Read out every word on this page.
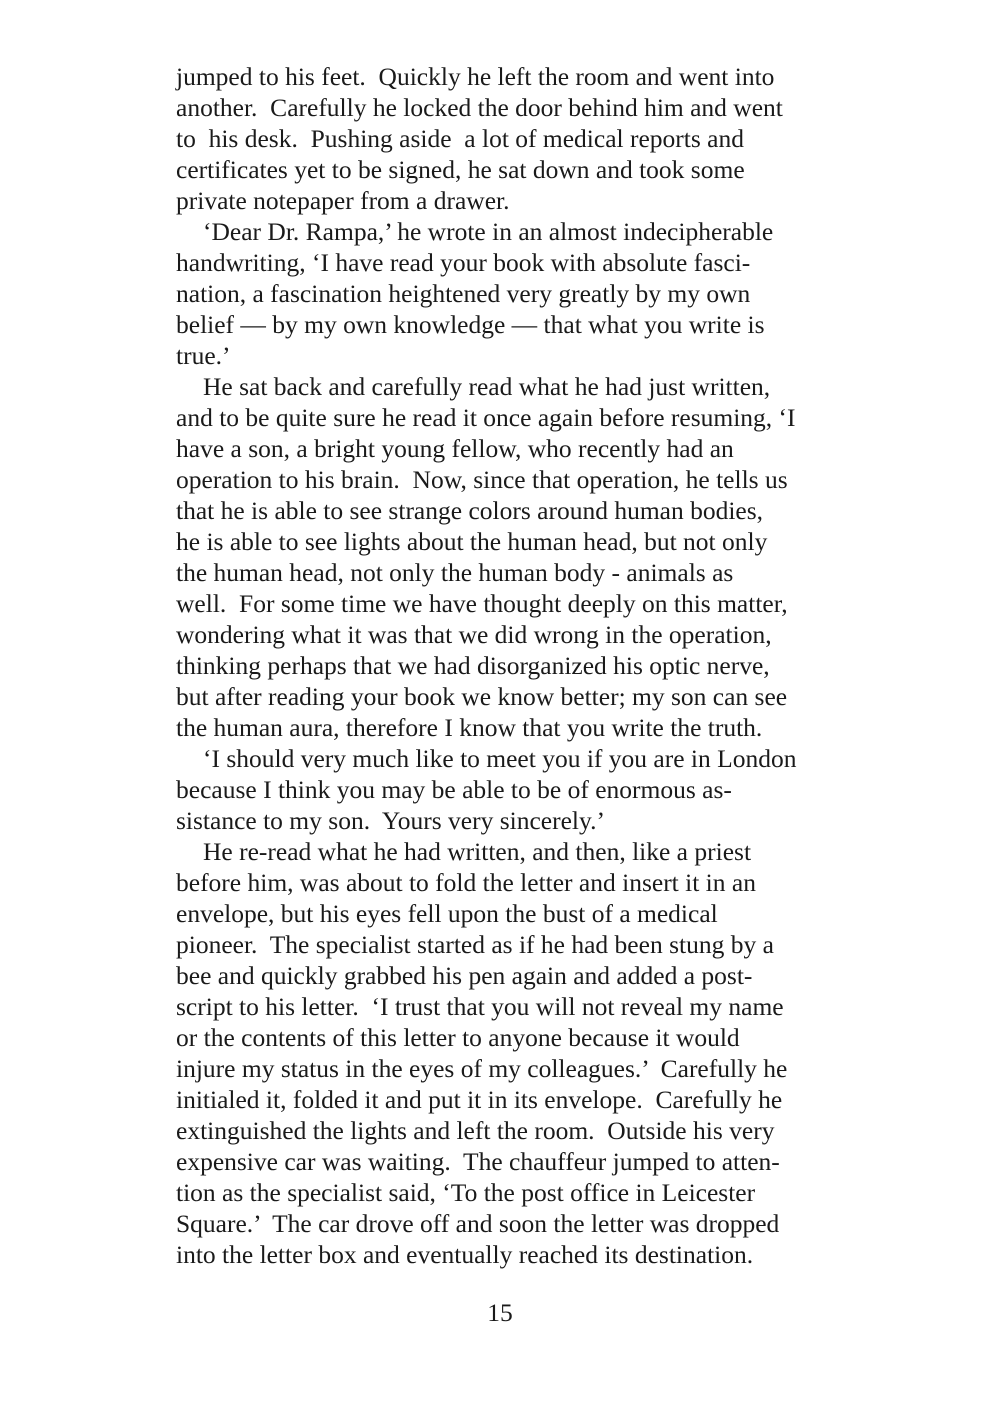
jumped to his feet.  Quickly he left the room and went into
another.  Carefully he locked the door behind him and went
to  his desk.  Pushing aside  a lot of medical reports and
certificates yet to be signed, he sat down and took some
private notepaper from a drawer.
‘Dear Dr. Rampa,’ he wrote in an almost indecipherable
handwriting, ‘I have read your book with absolute fasci-
nation, a fascination heightened very greatly by my own
belief — by my own knowledge — that what you write is
true.’
He sat back and carefully read what he had just written,
and to be quite sure he read it once again before resuming, ‘I
have a son, a bright young fellow, who recently had an
operation to his brain.  Now, since that operation, he tells us
that he is able to see strange colors around human bodies,
he is able to see lights about the human head, but not only
the human head, not only the human body - animals as
well.  For some time we have thought deeply on this matter,
wondering what it was that we did wrong in the operation,
thinking perhaps that we had disorganized his optic nerve,
but after reading your book we know better; my son can see
the human aura, therefore I know that you write the truth.
‘I should very much like to meet you if you are in London
because I think you may be able to be of enormous as-
sistance to my son.  Yours very sincerely.’
He re-read what he had written, and then, like a priest
before him, was about to fold the letter and insert it in an
envelope, but his eyes fell upon the bust of a medical
pioneer.  The specialist started as if he had been stung by a
bee and quickly grabbed his pen again and added a post-
script to his letter.  ‘I trust that you will not reveal my name
or the contents of this letter to anyone because it would
injure my status in the eyes of my colleagues.’  Carefully he
initialed it, folded it and put it in its envelope.  Carefully he
extinguished the lights and left the room.  Outside his very
expensive car was waiting.  The chauffeur jumped to atten-
tion as the specialist said, ‘To the post office in Leicester
Square.’  The car drove off and soon the letter was dropped
into the letter box and eventually reached its destination.
15
